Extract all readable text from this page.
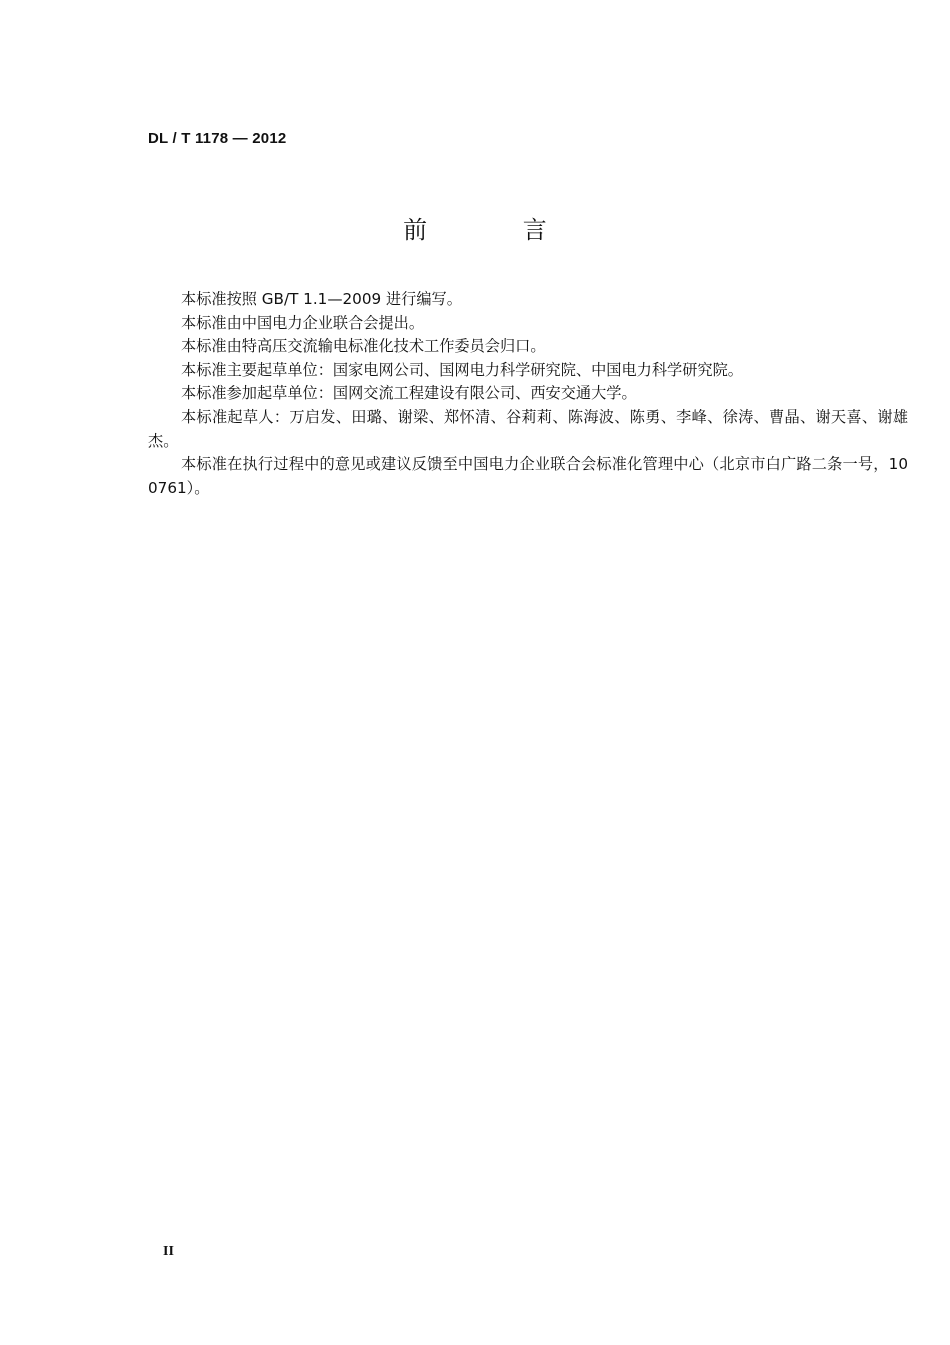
DL / T 1178 — 2012
前 言

本标准按照 GB/T 1.1—2009 进行编写。

本标准由中国电力企业联合会提出。

本标准由特高压交流输电标准化技术工作委员会归口。

本标准主要起草单位：国家电网公司、国网电力科学研究院、中国电力科学研究院。

本标准参加起草单位：国网交流工程建设有限公司、西安交通大学。

本标准起草人：万启发、田璐、谢梁、郑怀清、谷莉莉、陈海波、陈勇、李峰、徐涛、曹晶、谢天喜、谢雄杰。

本标准在执行过程中的意见或建议反馈至中国电力企业联合会标准化管理中心（北京市白广路二条一号，100761）。

II
